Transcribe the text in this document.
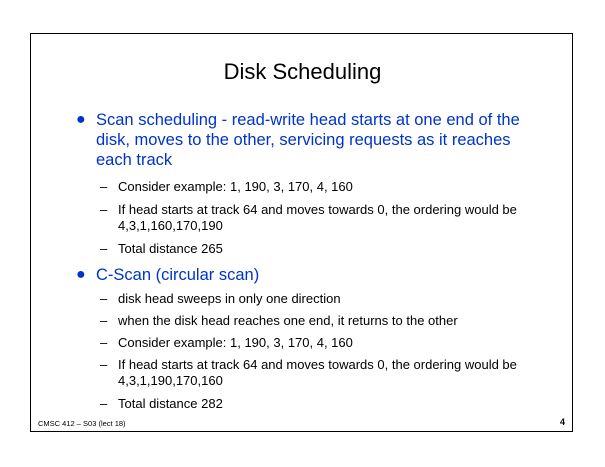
Disk Scheduling
● Scan scheduling - read-write head starts at one end of the disk, moves to the other, servicing requests as it reaches each track
– Consider example: 1, 190, 3, 170, 4, 160
– If head starts at track 64 and moves towards 0, the ordering would be 4,3,1,160,170,190
– Total distance 265
● C-Scan (circular scan)
– disk head sweeps in only one direction
– when the disk head reaches one end, it returns to the other
– Consider example: 1, 190, 3, 170, 4, 160
– If head starts at track 64 and moves towards 0, the ordering would be 4,3,1,190,170,160
– Total distance 282
CMSC 412 – S03 (lect 18)	4
